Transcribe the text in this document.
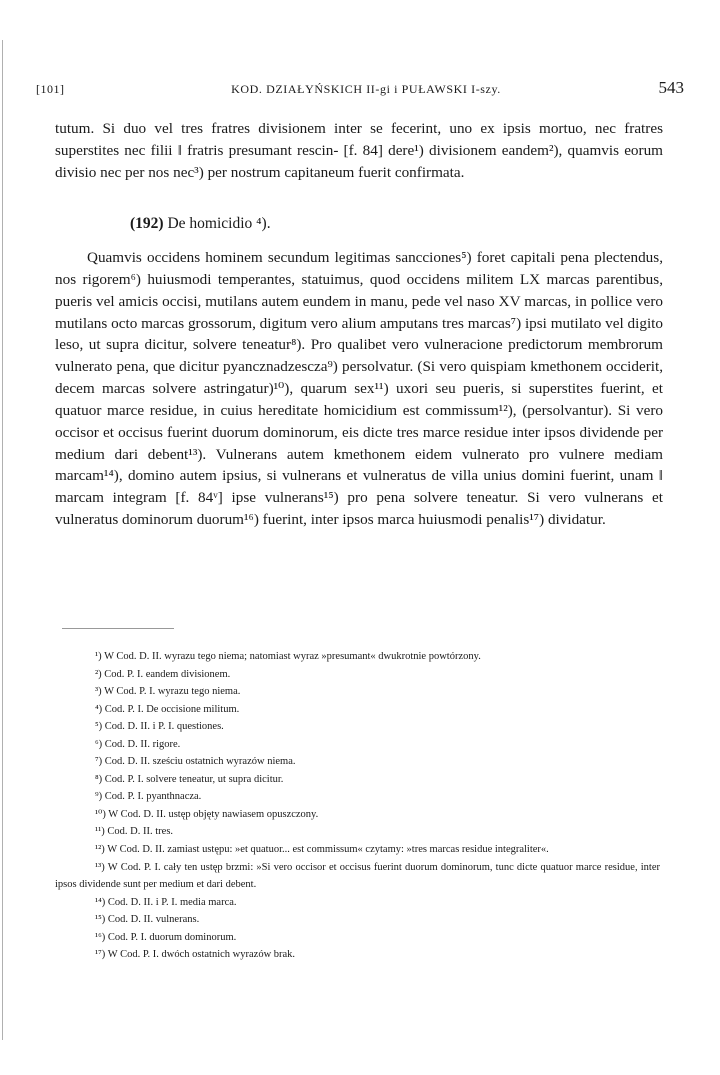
[101]	KOD. DZIAŁYŃSKICH II-gi i PUŁAWSKI I-szy.	543

tutum. Si duo vel tres fratres divisionem inter se fecerint, uno ex ipsis mortuo, nec fratres superstites nec filii ‖ fratris presumant rescin- [f. 84] dere¹) divisionem eandem²), quamvis eorum divisio nec per nos nec³) per nostrum capitaneum fuerit confirmata.

(192) De homicidio ⁴).

Quamvis occidens hominem secundum legitimas sancciones⁵) foret capitali pena plectendus, nos rigorem⁶) huiusmodi temperantes, statuimus, quod occidens militem LX marcas parentibus, pueris vel amicis occisi, mutilans autem eundem in manu, pede vel naso XV marcas, in pollice vero mutilans octo marcas grossorum, digitum vero alium amputans tres marcas⁷) ipsi mutilato vel digito leso, ut supra dicitur, solvere teneatur⁸). Pro qualibet vero vulneracione predictorum membrorum vulnerato pena, que dicitur pyancznadzescza⁹) persolvatur. (Si vero quispiam kmethonem occiderit, decem marcas solvere astringatur)¹⁰), quarum sex¹¹) uxori seu pueris, si superstites fuerint, et quatuor marce residue, in cuius hereditate homicidium est commissum¹²), (persolvantur). Si vero occisor et occisus fuerint duorum dominorum, eis dicte tres marce residue inter ipsos dividende per medium dari debent¹³). Vulnerans autem kmethonem eidem vulnerato pro vulnere mediam marcam¹⁴), domino autem ipsius, si vulnerans et vulneratus de villa unius domini fuerint, unam ‖ marcam integram [f. 84ᵛ] ipse vulnerans¹⁵) pro pena solvere teneatur. Si vero vulnerans et vulneratus dominorum duorum¹⁶) fuerint, inter ipsos marca huiusmodi penalis¹⁷) dividatur.

¹) W Cod. D. II. wyrazu tego niema; natomiast wyraz »presumant« dwukrotnie powtórzony.

²) Cod. P. I. eandem divisionem.

³) W Cod. P. I. wyrazu tego niema.

⁴) Cod. P. I. De occisione militum.

⁵) Cod. D. II. i P. I. questiones.

⁶) Cod. D. II. rigore.

⁷) Cod. D. II. sześciu ostatnich wyrazów niema.

⁸) Cod. P. I. solvere teneatur, ut supra dicitur.

⁹) Cod. P. I. pyanthnacza.

¹⁰) W Cod. D. II. ustęp objęty nawiasem opuszczony.

¹¹) Cod. D. II. tres.

¹²) W Cod. D. II. zamiast ustępu: »et quatuor... est commissum« czytamy: »tres marcas residue integraliter«.

¹³) W Cod. P. I. cały ten ustęp brzmi: »Si vero occisor et occisus fuerint duorum dominorum, tunc dicte quatuor marce residue, inter ipsos dividende sunt per medium et dari debent.

¹⁴) Cod. D. II. i P. I. media marca.

¹⁵) Cod. D. II. vulnerans.

¹⁶) Cod. P. I. duorum dominorum.

¹⁷) W Cod. P. I. dwóch ostatnich wyrazów brak.
